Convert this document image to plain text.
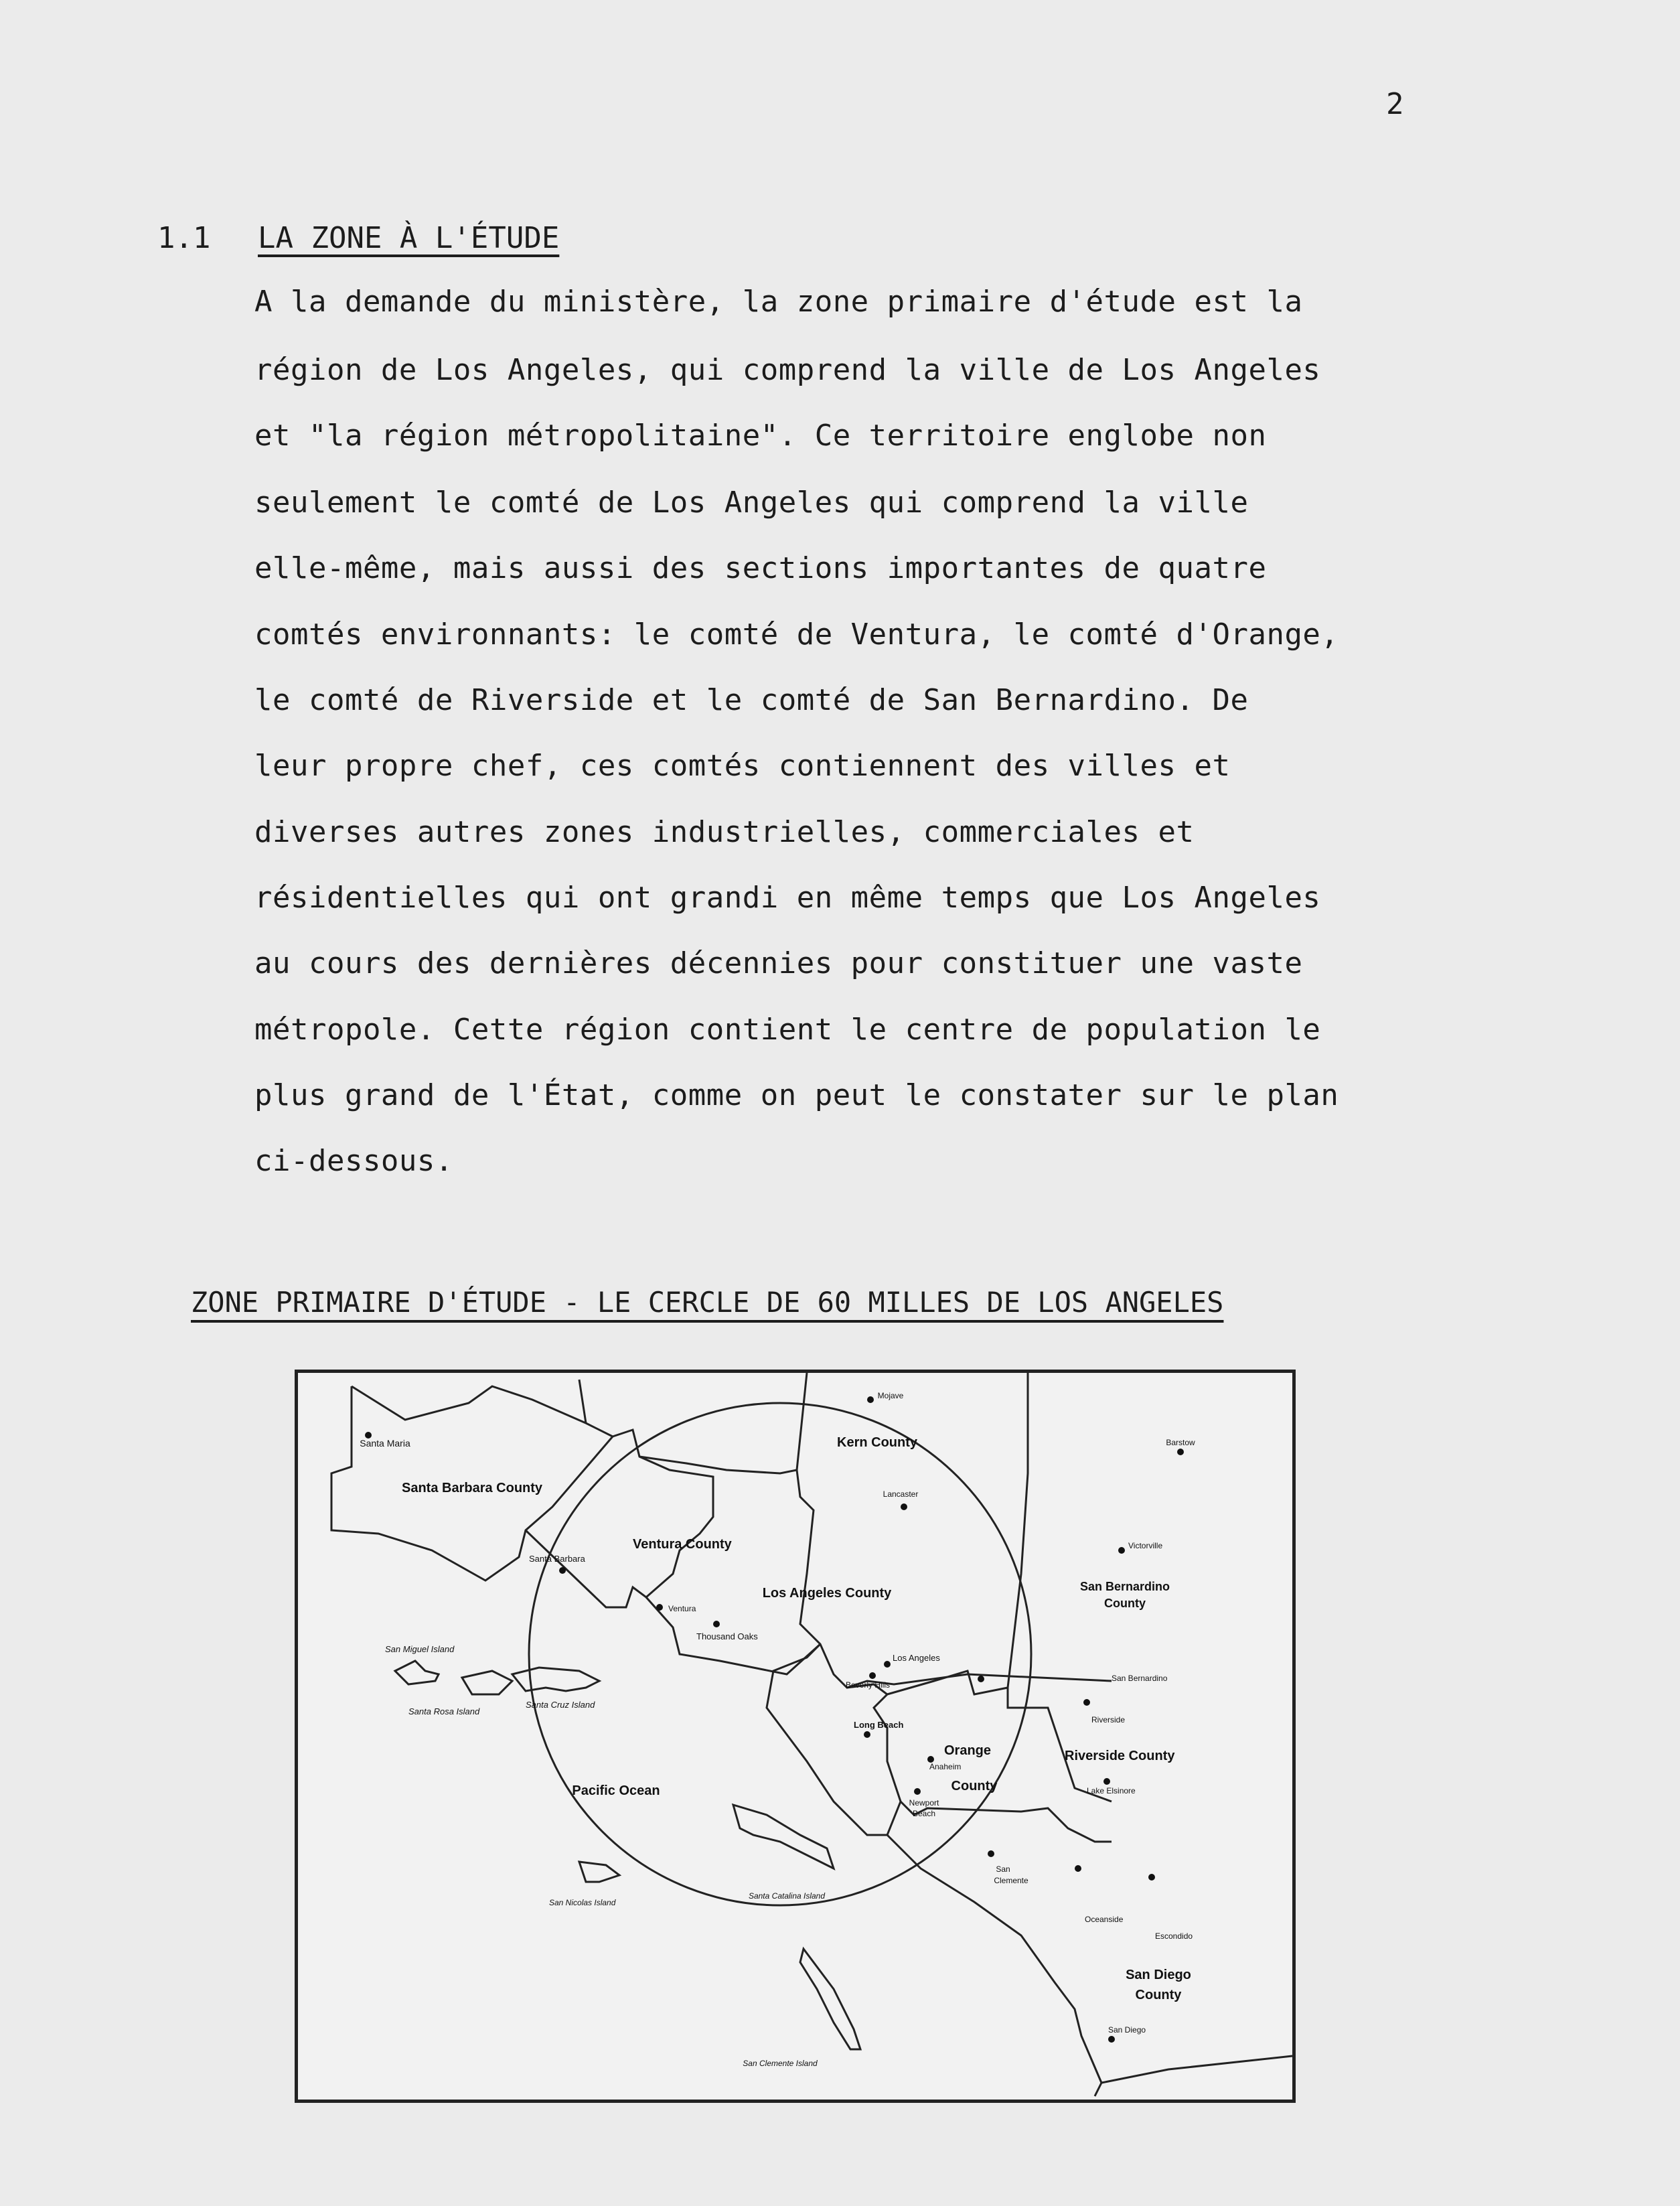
2
1.1 LA ZONE À L'ÉTUDE
A la demande du ministère, la zone primaire d'étude est la
région de Los Angeles, qui comprend la ville de Los Angeles
et "la région métropolitaine". Ce territoire englobe non
seulement le comté de Los Angeles qui comprend la ville
elle-même, mais aussi des sections importantes de quatre
comtés environnants: le comté de Ventura, le comté d'Orange,
le comté de Riverside et le comté de San Bernardino. De
leur propre chef, ces comtés contiennent des villes et
diverses autres zones industrielles, commerciales et
résidentielles qui ont grandi en même temps que Los Angeles
au cours des dernières décennies pour constituer une vaste
métropole. Cette région contient le centre de population le
plus grand de l'État, comme on peut le constater sur le plan
ci-dessous.
ZONE PRIMAIRE D'ÉTUDE - LE CERCLE DE 60 MILLES DE LOS ANGELES
Santa Maria
Santa Barbara County
Santa Barbara
Ventura County
Ventura
Thousand Oaks
Los Angeles County
Los Angeles
Beverly Hills
Long Beach
Anaheim
Orange
County
Newport
Beach
Kern County
Mojave
Lancaster
Barstow
Victorville
San Bernardino
County
San Bernardino
Riverside
Riverside County
Lake Elsinore
San
Clemente
Oceanside
Escondido
San Diego
County
San Diego
Pacific Ocean
San Miguel Island
Santa Rosa Island
Santa Cruz Island
San Nicolas Island
Santa Catalina Island
San Clemente Island
